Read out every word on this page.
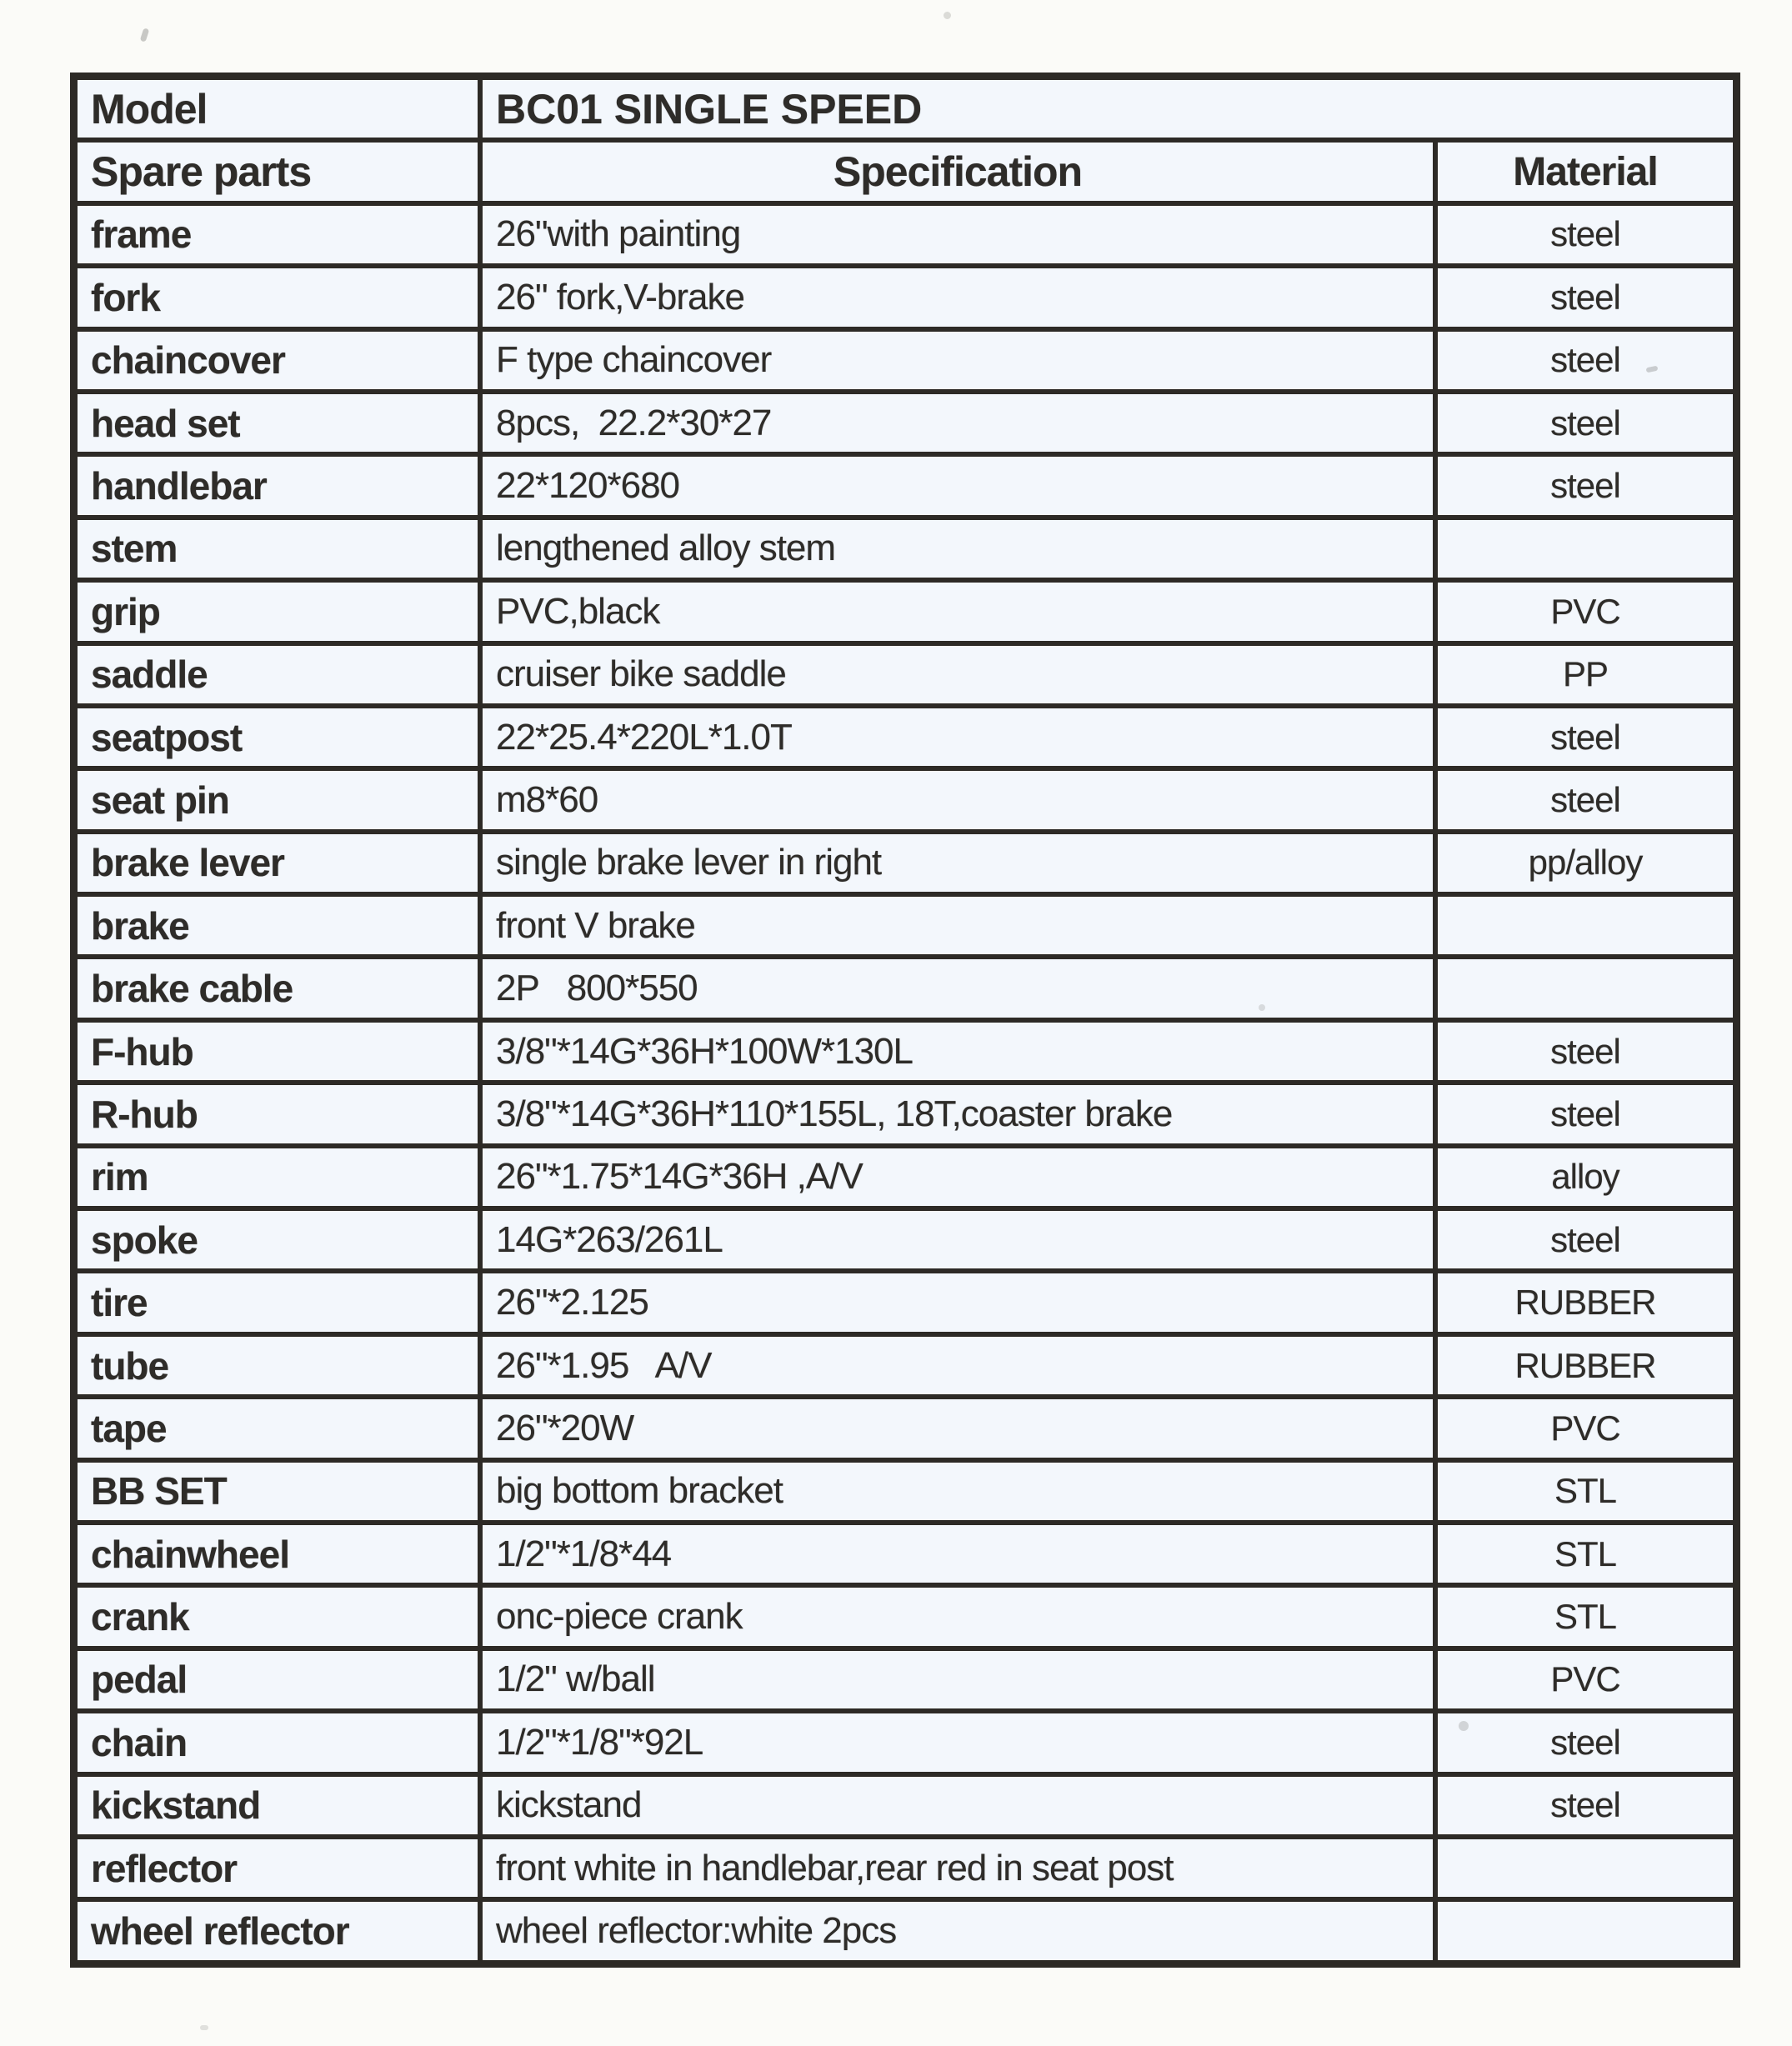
Model	BC01 SINGLE SPEED
Spare parts	Specification	Material
frame	26"with painting	steel
fork	26" fork,V-brake	steel
chaincover	F type chaincover	steel
head set	8pcs,  22.2*30*27	steel
handlebar	22*120*680	steel
stem	lengthened alloy stem
grip	PVC,black	PVC
saddle	cruiser bike saddle	PP
seatpost	22*25.4*220L*1.0T	steel
seat pin	m8*60	steel
brake lever	single brake lever in right	pp/alloy
brake	front V brake
brake cable	2P   800*550
F-hub	3/8"*14G*36H*100W*130L	steel
R-hub	3/8"*14G*36H*110*155L, 18T,coaster brake	steel
rim	26"*1.75*14G*36H ,A/V	alloy
spoke	14G*263/261L	steel
tire	26"*2.125	RUBBER
tube	26"*1.95   A/V	RUBBER
tape	26"*20W	PVC
BB SET	big bottom bracket	STL
chainwheel	1/2"*1/8*44	STL
crank	onc-piece crank	STL
pedal	1/2" w/ball	PVC
chain	1/2"*1/8"*92L	steel
kickstand	kickstand	steel
reflector	front white in handlebar,rear red in seat post
wheel reflector	wheel reflector:white 2pcs
